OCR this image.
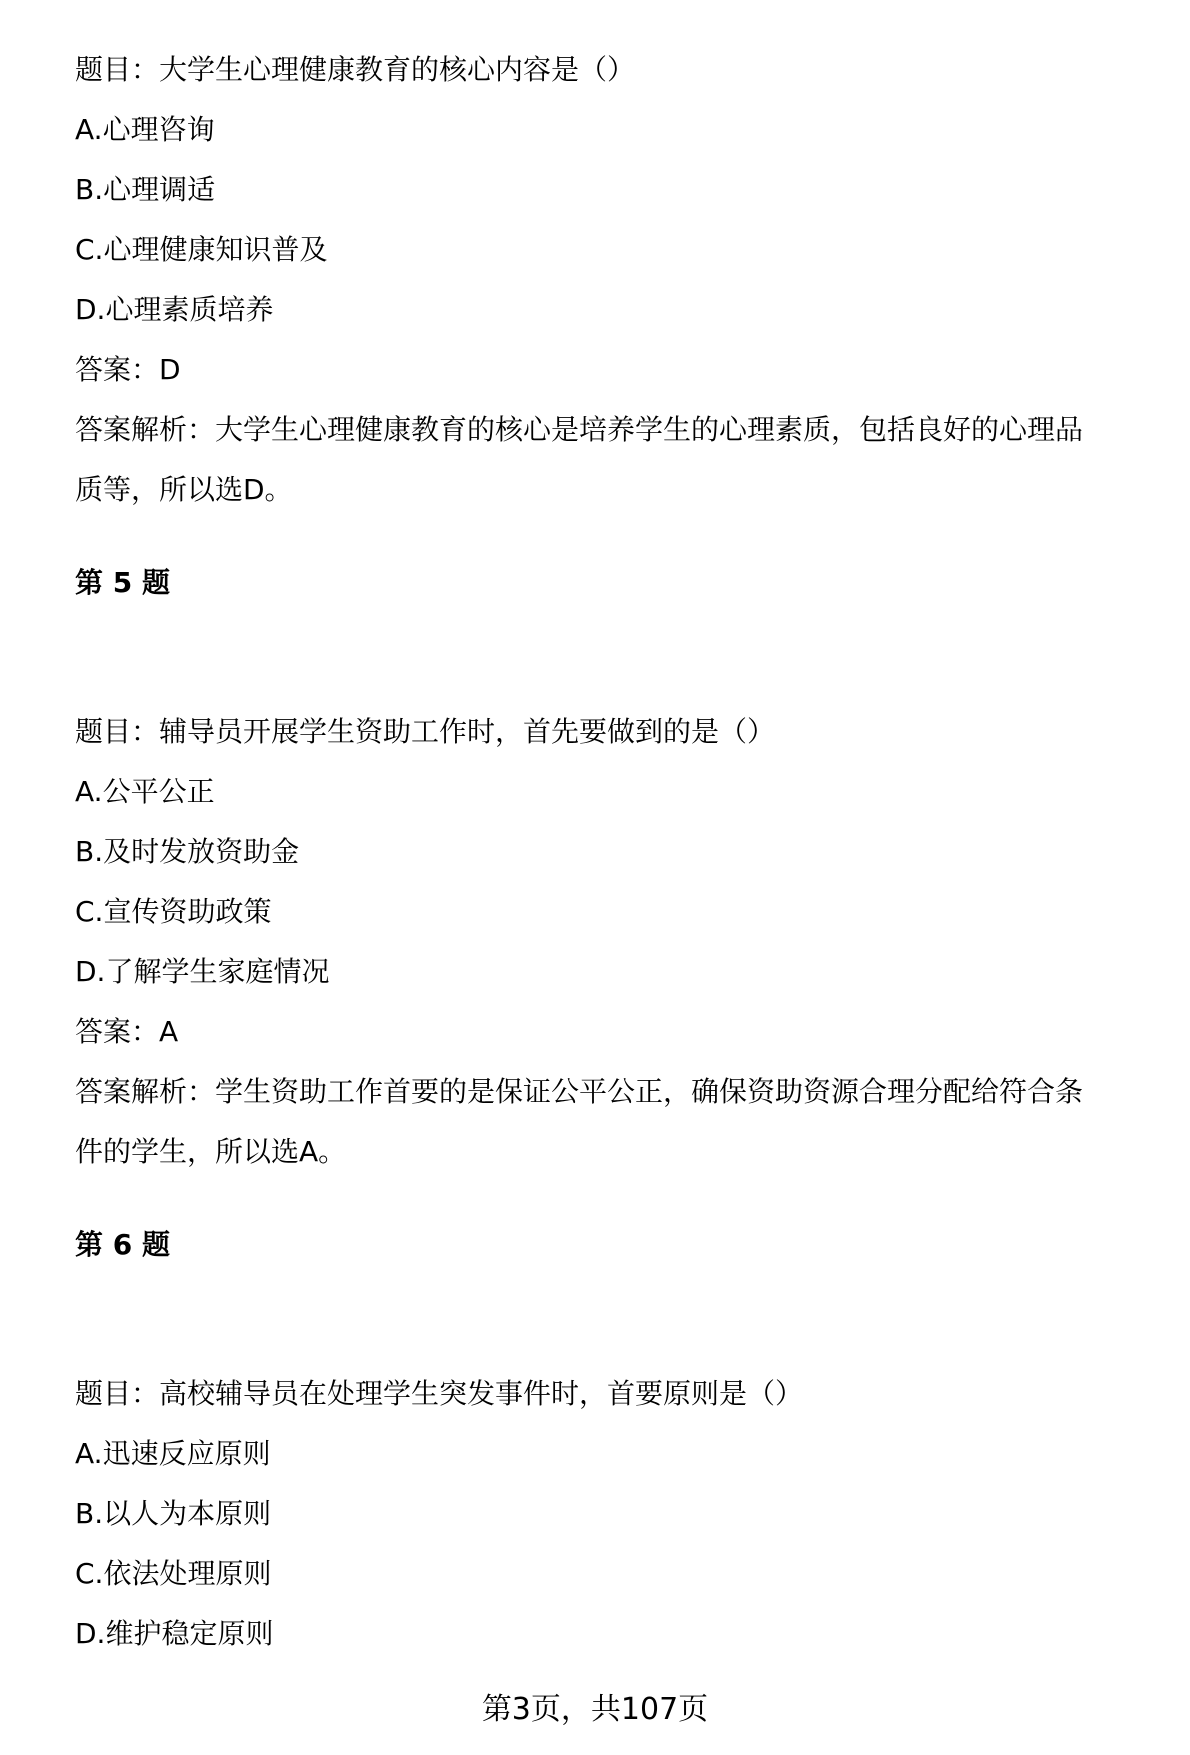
题目：大学生心理健康教育的核心内容是（）
A.心理咨询
B.心理调适
C.心理健康知识普及
D.心理素质培养
答案：D
答案解析：大学生心理健康教育的核心是培养学生的心理素质，包括良好的心理品
质等，所以选D。
第 5 题
题目：辅导员开展学生资助工作时，首先要做到的是（）
A.公平公正
B.及时发放资助金
C.宣传资助政策
D.了解学生家庭情况
答案：A
答案解析：学生资助工作首要的是保证公平公正，确保资助资源合理分配给符合条
件的学生，所以选A。
第 6 题
题目：高校辅导员在处理学生突发事件时，首要原则是（）
A.迅速反应原则
B.以人为本原则
C.依法处理原则
D.维护稳定原则
第3页，共107页
